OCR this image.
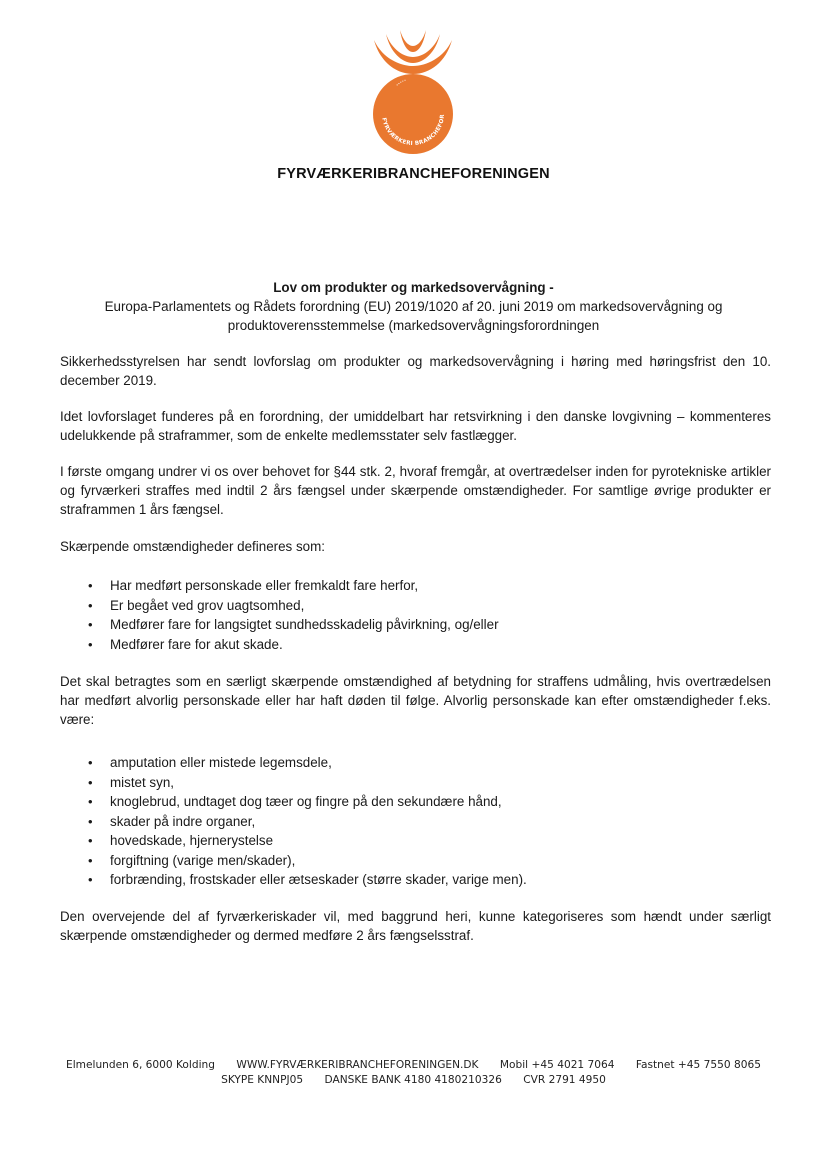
FYRVÆRKERI BRANCHEFOR
•••••
FYRVÆRKERIBRANCHEFORENINGEN
Lov om produkter og markedsovervågning -
Europa-Parlamentets og Rådets forordning (EU) 2019/1020 af 20. juni 2019 om markedsovervågning og
produktoverensstemmelse (markedsovervågningsforordningen

Sikkerhedsstyrelsen har sendt lovforslag om produkter og markedsovervågning i høring med høringsfrist den 10. december 2019.

Idet lovforslaget funderes på en forordning, der umiddelbart har retsvirkning i den danske lovgivning – kommenteres udelukkende på straframmer, som de enkelte medlemsstater selv fastlægger.

I første omgang undrer vi os over behovet for §44 stk. 2, hvoraf fremgår, at overtrædelser inden for pyrotekniske artikler og fyrværkeri straffes med indtil 2 års fængsel under skærpende omstændigheder. For samtlige øvrige produkter er straframmen 1 års fængsel.

Skærpende omstændigheder defineres som:

• Har medført personskade eller fremkaldt fare herfor,
• Er begået ved grov uagtsomhed,
• Medfører fare for langsigtet sundhedsskadelig påvirkning, og/eller
• Medfører fare for akut skade.

Det skal betragtes som en særligt skærpende omstændighed af betydning for straffens udmåling, hvis overtrædelsen har medført alvorlig personskade eller har haft døden til følge. Alvorlig personskade kan efter omstændigheder f.eks. være:

• amputation eller mistede legemsdele,
• mistet syn,
• knoglebrud, undtaget dog tæer og fingre på den sekundære hånd,
• skader på indre organer,
• hovedskade, hjernerystelse
• forgiftning (varige men/skader),
• forbrænding, frostskader eller ætseskader (større skader, varige men).

Den overvejende del af fyrværkeriskader vil, med baggrund heri, kunne kategoriseres som hændt under særligt skærpende omstændigheder og dermed medføre 2 års fængselsstraf.

Elmelunden 6, 6000 Kolding WWW.FYRVÆRKERIBRANCHEFORENINGEN.DK Mobil +45 4021 7064 Fastnet +45 7550 8065
SKYPE KNNPJ05 DANSKE BANK 4180 4180210326 CVR 2791 4950
